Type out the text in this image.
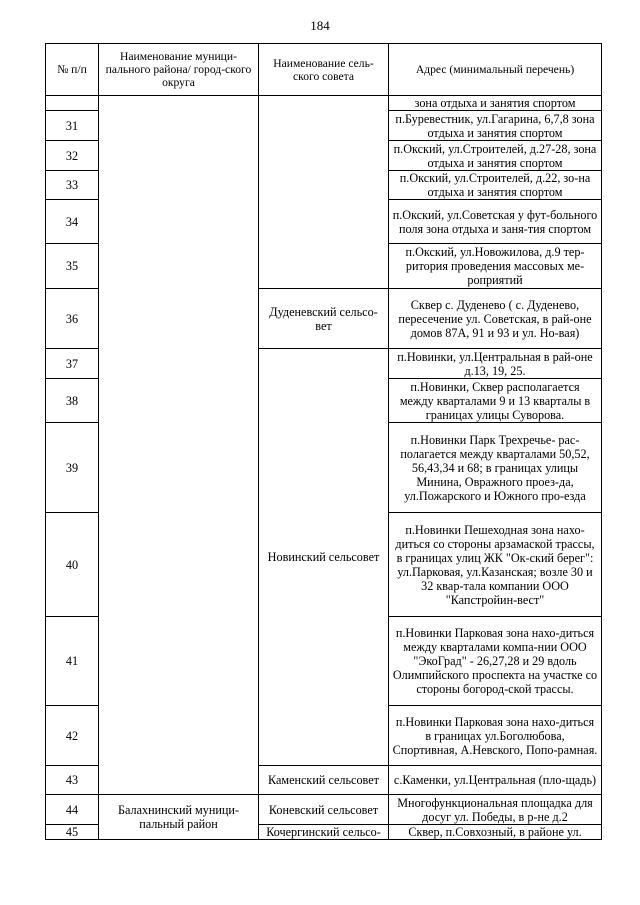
184
№ п/п	Наименование муници-пального района/ город-ского округа	Наименование сель-ского совета	Адрес (минимальный перечень)
			зона отдыха и занятия спортом
31			п.Буревестник, ул.Гагарина, 6,7,8 зона отдыха и занятия спортом
32			п.Окский, ул.Строителей, д.27-28, зона отдыха и занятия спортом
33			п.Окский, ул.Строителей, д.22, зо-на отдыха и занятия спортом
34			п.Окский, ул.Советская у фут-больного поля зона отдыха и заня-тия спортом
35			п.Окский, ул.Новожилова, д.9 тер-ритория проведения массовых ме-роприятий
36		Дуденевский сельсо-вет	Сквер с. Дуденево ( с. Дуденево, пересечение ул. Советская, в рай-оне домов 87А, 91 и 93 и ул. Но-вая)
37		Новинский сельсовет	п.Новинки, ул.Центральная в рай-оне д.13, 19, 25.
38			п.Новинки, Сквер располагается между кварталами 9 и 13 кварталы в границах улицы Суворова.
39			п.Новинки Парк Трехречье- рас-полагается между кварталами 50,52, 56,43,34 и 68; в границах улицы Минина, Овражного проез-да, ул.Пожарского и Южного про-езда
40			п.Новинки Пешеходная зона нахо-диться со стороны арзамаской трассы, в границах улиц ЖК "Ок-ский берег": ул.Парковая, ул.Казанская; возле 30 и 32 квар-тала компании ООО "Капстройин-вест"
41			п.Новинки Парковая зона нахо-диться между кварталами компа-нии ООО "ЭкоГрад" - 26,27,28 и 29 вдоль Олимпийского проспекта на участке со стороны богород-ской трассы.
42			п.Новинки Парковая зона нахо-диться в границах ул.Боголюбова, Спортивная, А.Невского, Попо-рамная.
43		Каменский сельсовет	с.Каменки, ул.Центральная (пло-щадь)
44	Балахнинский муници-пальный район	Коневский сельсовет	Многофункциональная площадка для досуг ул. Победы, в р-не д.2
45		Кочергинский сельсо-	Сквер, п.Совхозный, в районе ул.
